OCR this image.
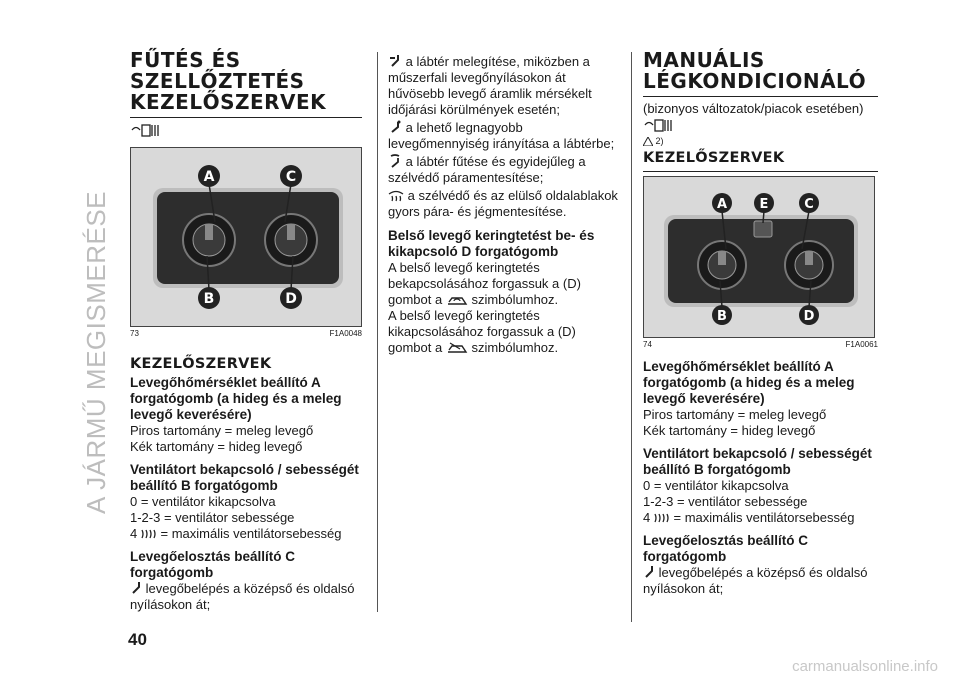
A JÁRMŰ MEGISMERÉSE
40
FŰTÉS ÉS SZELLŐZTETÉS KEZELŐSZERVEK
A	C
B	D
73	F1A0048
KEZELŐSZERVEK
Levegőhőmérséklet beállító A forgatógomb (a hideg és a meleg levegő keverésére)
Piros tartomány = meleg levegő
Kék tartomány = hideg levegő
Ventilátort bekapcsoló / sebességét beállító B forgatógomb
0 = ventilátor kikapcsolva
1-2-3 = ventilátor sebessége
4 = maximális ventilátorsebesség
Levegőelosztás beállító C forgatógomb
levegőbelépés a középső és oldalsó nyílásokon át;
a lábtér melegítése, miközben a műszerfali levegőnyílásokon át hűvösebb levegő áramlik mérsékelt időjárási körülmények esetén;
a lehető legnagyobb levegőmennyiség irányítása a lábtérbe;
a lábtér fűtése és egyidejűleg a szélvédő páramentesítése;
a szélvédő és az elülső oldalablakok gyors pára- és jégmentesítése.
Belső levegő keringtetést be- és kikapcsoló D forgatógomb
A belső levegő keringtetés bekapcsolásához forgassuk a (D) gombot a szimbólumhoz.
A belső levegő keringtetés kikapcsolásához forgassuk a (D) gombot a szimbólumhoz.
MANUÁLIS LÉGKONDICIONÁLÓ
(bizonyos változatok/piacok esetében)
2)
KEZELŐSZERVEK
A	E	C
B	D
74	F1A0061
Levegőhőmérséklet beállító A forgatógomb (a hideg és a meleg levegő keverésére)
Piros tartomány = meleg levegő
Kék tartomány = hideg levegő
Ventilátort bekapcsoló / sebességét beállító B forgatógomb
0 = ventilátor kikapcsolva
1-2-3 = ventilátor sebessége
4 = maximális ventilátorsebesség
Levegőelosztás beállító C forgatógomb
levegőbelépés a középső és oldalsó nyílásokon át;
carmanualsonline.info
